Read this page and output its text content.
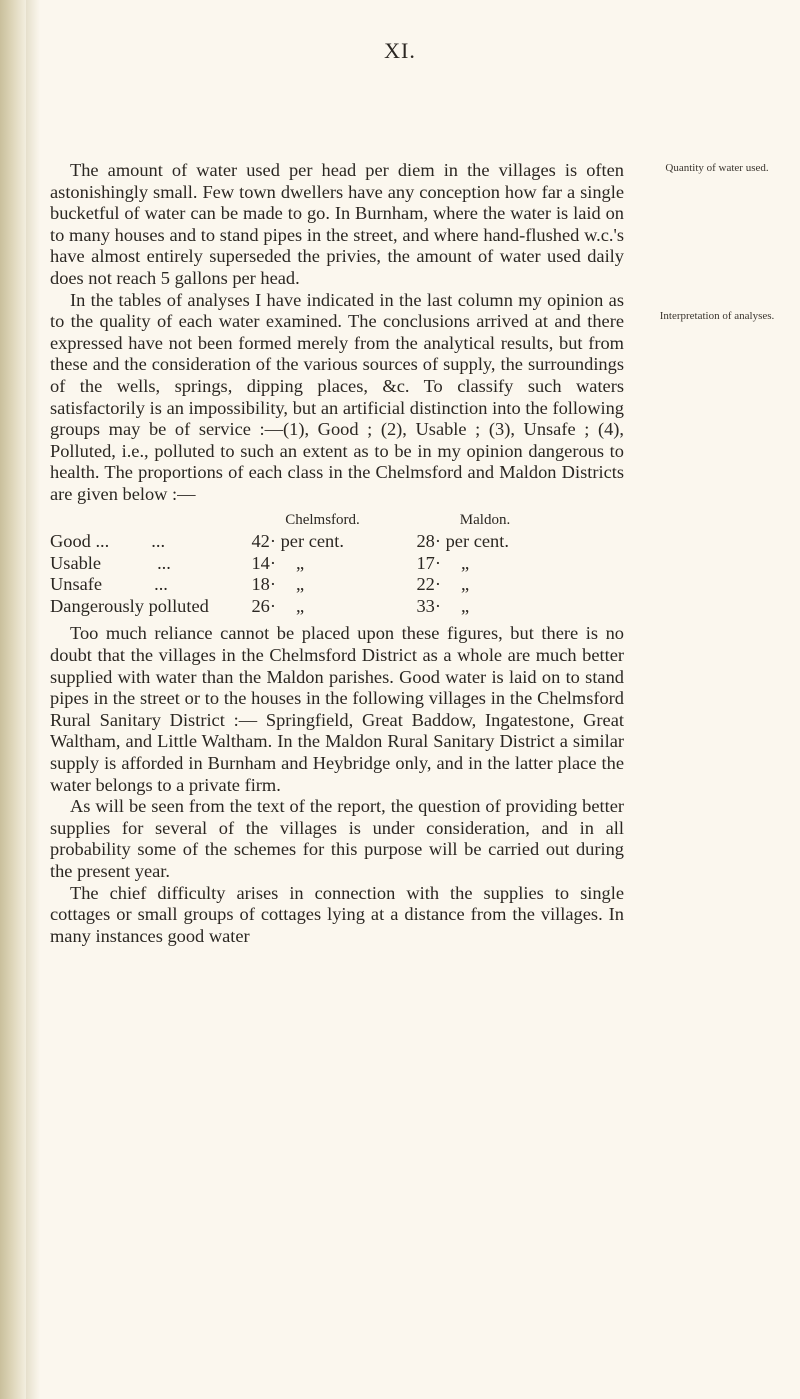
XI.
Quantity of water used.
Interpretation of analyses.

The amount of water used per head per diem in the villages is often astonishingly small. Few town dwellers have any conception how far a single bucketful of water can be made to go. In Burnham, where the water is laid on to many houses and to stand pipes in the street, and where hand-flushed w.c.'s have almost entirely superseded the privies, the amount of water used daily does not reach 5 gallons per head.

In the tables of analyses I have indicated in the last column my opinion as to the quality of each water examined. The conclusions arrived at and there expressed have not been formed merely from the analytical results, but from these and the consideration of the various sources of supply, the surroundings of the wells, springs, dipping places, &c. To classify such waters satisfactorily is an impossibility, but an artificial distinction into the following groups may be of service :—(1), Good ; (2), Usable ; (3), Unsafe ; (4), Polluted, i.e., polluted to such an extent as to be in my opinion dangerous to health. The proportions of each class in the Chelmsford and Maldon Districts are given below :—

	Chelmsford.	Maldon.
Good ... ...	42· per cent.	28· per cent.
Usable ...	14· „	17· „
Unsafe ...	18· „	22· „
Dangerously polluted	26· „	33· „

Too much reliance cannot be placed upon these figures, but there is no doubt that the villages in the Chelmsford District as a whole are much better supplied with water than the Maldon parishes. Good water is laid on to stand pipes in the street or to the houses in the following villages in the Chelmsford Rural Sanitary District :— Springfield, Great Baddow, Ingatestone, Great Waltham, and Little Waltham. In the Maldon Rural Sanitary District a similar supply is afforded in Burnham and Heybridge only, and in the latter place the water belongs to a private firm.

As will be seen from the text of the report, the question of providing better supplies for several of the villages is under consideration, and in all probability some of the schemes for this purpose will be carried out during the present year.

The chief difficulty arises in connection with the supplies to single cottages or small groups of cottages lying at a distance from the villages. In many instances good water
